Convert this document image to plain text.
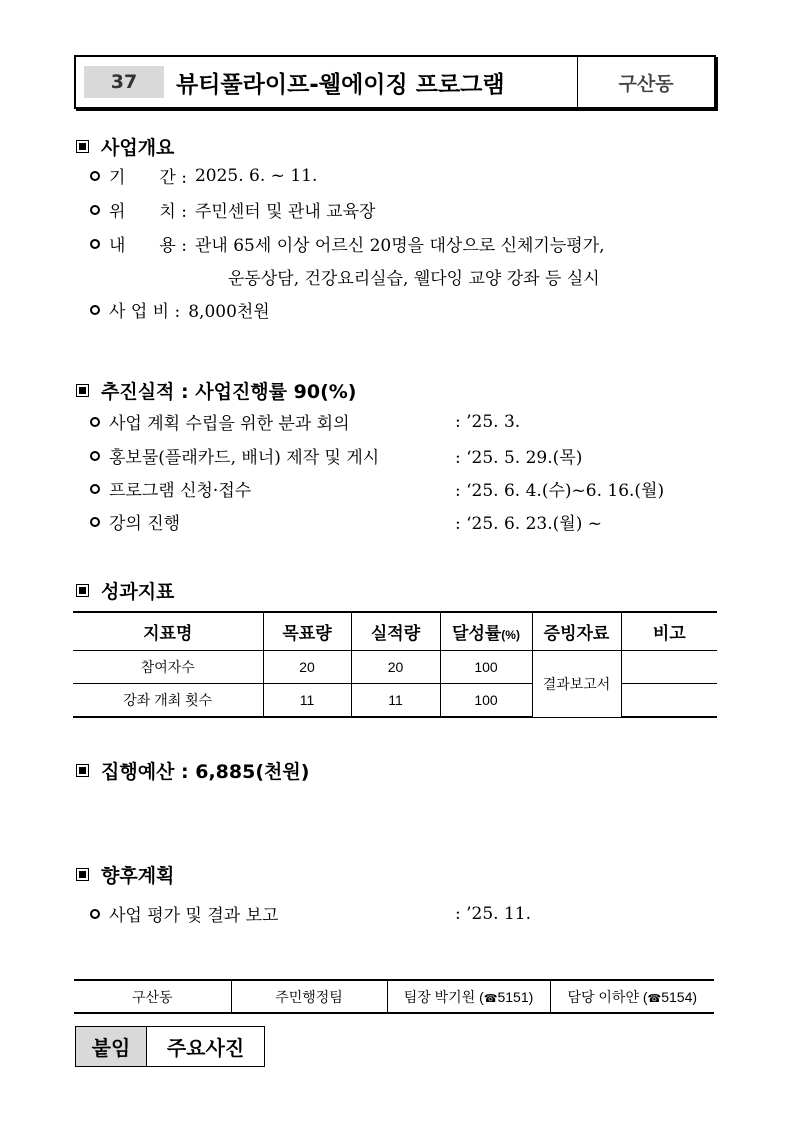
37	뷰티풀라이프-웰에이징 프로그램	구산동
사업개요
기　　간 : 2025. 6. ~ 11.
위　　치 : 주민센터 및 관내 교육장
내　　용 : 관내 65세 이상 어르신 20명을 대상으로 신체기능평가,
운동상담, 건강요리실습, 웰다잉 교양 강좌 등 실시
사 업 비 : 8,000천원
추진실적 : 사업진행률 90(%)
사업 계획 수립을 위한 분과 회의	: ’25. 3.
홍보물(플래카드, 배너) 제작 및 게시	: ‘25. 5. 29.(목)
프로그램 신청·접수	: ‘25. 6. 4.(수)~6. 16.(월)
강의 진행	: ‘25. 6. 23.(월) ~
성과지표
지표명	목표량	실적량	달성률(%)	증빙자료	비고
참여자수	20	20	100	결과보고서	
강좌 개최 횟수	11	11	100		
집행예산 : 6,885(천원)
향후계획
사업 평가 및 결과 보고	: ’25. 11.
구산동	주민행정팀	팀장 박기원 (☎5151)	담당 이하얀 (☎5154)
붙임	주요사진
